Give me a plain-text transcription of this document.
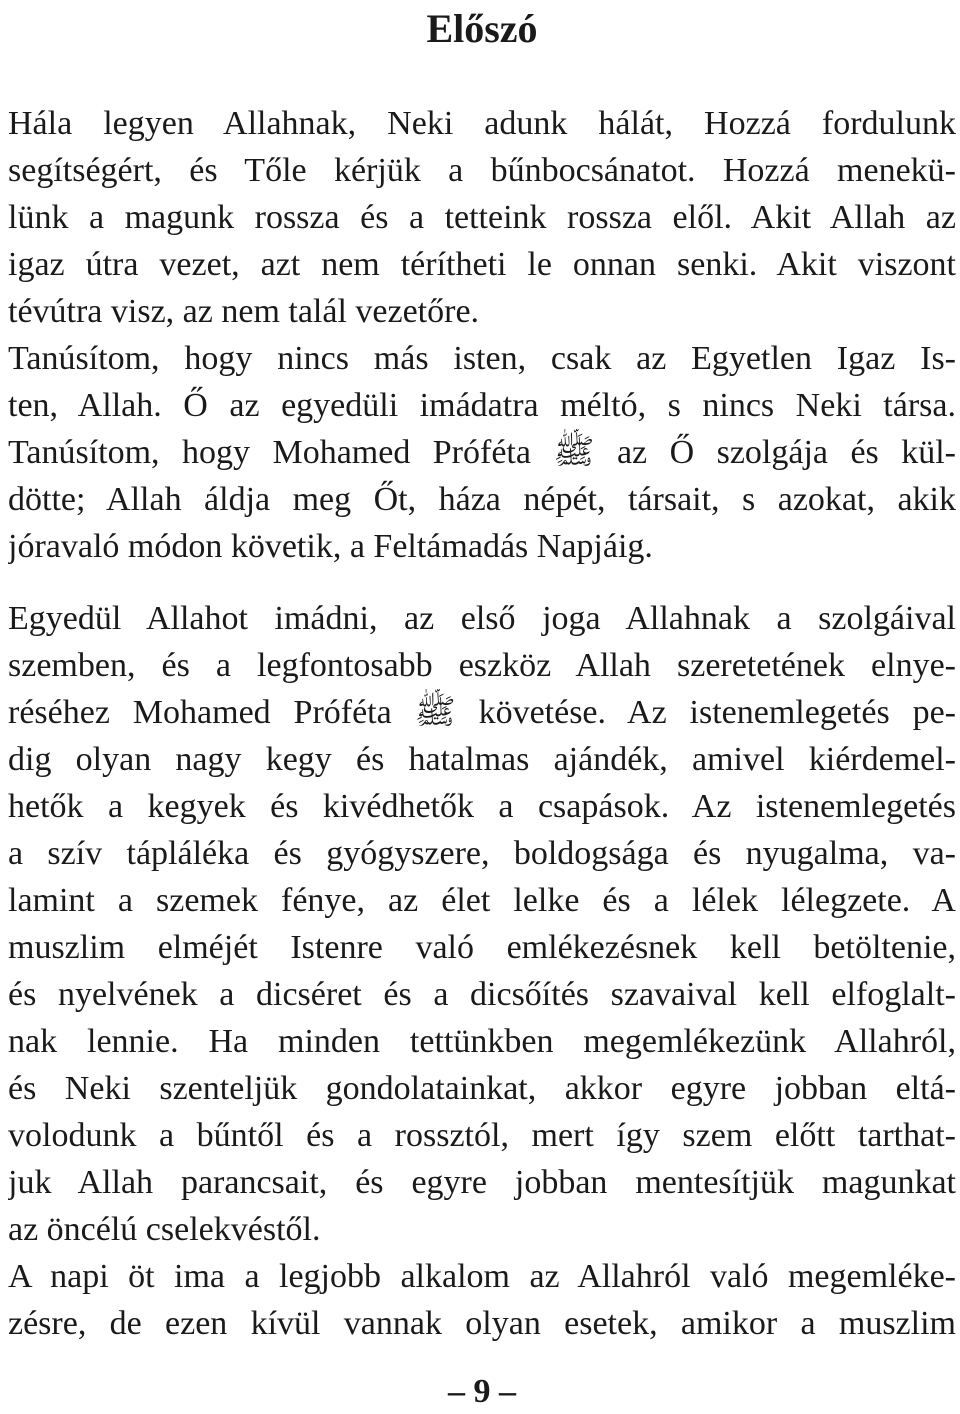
Előszó
Hála legyen Allahnak, Neki adunk hálát, Hozzá fordulunk
segítségért, és Tőle kérjük a bűnbocsánatot. Hozzá menekü-
lünk a magunk rossza és a tetteink rossza elől. Akit Allah az
igaz útra vezet, azt nem térítheti le onnan senki. Akit viszont
tévútra visz, az nem talál vezetőre.
Tanúsítom, hogy nincs más isten, csak az Egyetlen Igaz Is-
ten, Allah. Ő az egyedüli imádatra méltó, s nincs Neki társa.
Tanúsítom, hogy Mohamed Próféta ﷺ az Ő szolgája és kül-
dötte; Allah áldja meg Őt, háza népét, társait, s azokat, akik
jóravaló módon követik, a Feltámadás Napjáig.
Egyedül Allahot imádni, az első joga Allahnak a szolgáival
szemben, és a legfontosabb eszköz Allah szeretetének elnye-
réséhez Mohamed Próféta ﷺ követése. Az istenemlegetés pe-
dig olyan nagy kegy és hatalmas ajándék, amivel kiérdemel-
hetők a kegyek és kivédhetők a csapások. Az istenemlegetés
a szív tápláléka és gyógyszere, boldogsága és nyugalma, va-
lamint a szemek fénye, az élet lelke és a lélek lélegzete. A
muszlim elméjét Istenre való emlékezésnek kell betöltenie,
és nyelvének a dicséret és a dicsőítés szavaival kell elfoglalt-
nak lennie. Ha minden tettünkben megemlékezünk Allahról,
és Neki szenteljük gondolatainkat, akkor egyre jobban eltá-
volodunk a bűntől és a rossztól, mert így szem előtt tarthat-
juk Allah parancsait, és egyre jobban mentesítjük magunkat
az öncélú cselekvéstől.
A napi öt ima a legjobb alkalom az Allahról való megemléke-
zésre, de ezen kívül vannak olyan esetek, amikor a muszlim
– 9 –
